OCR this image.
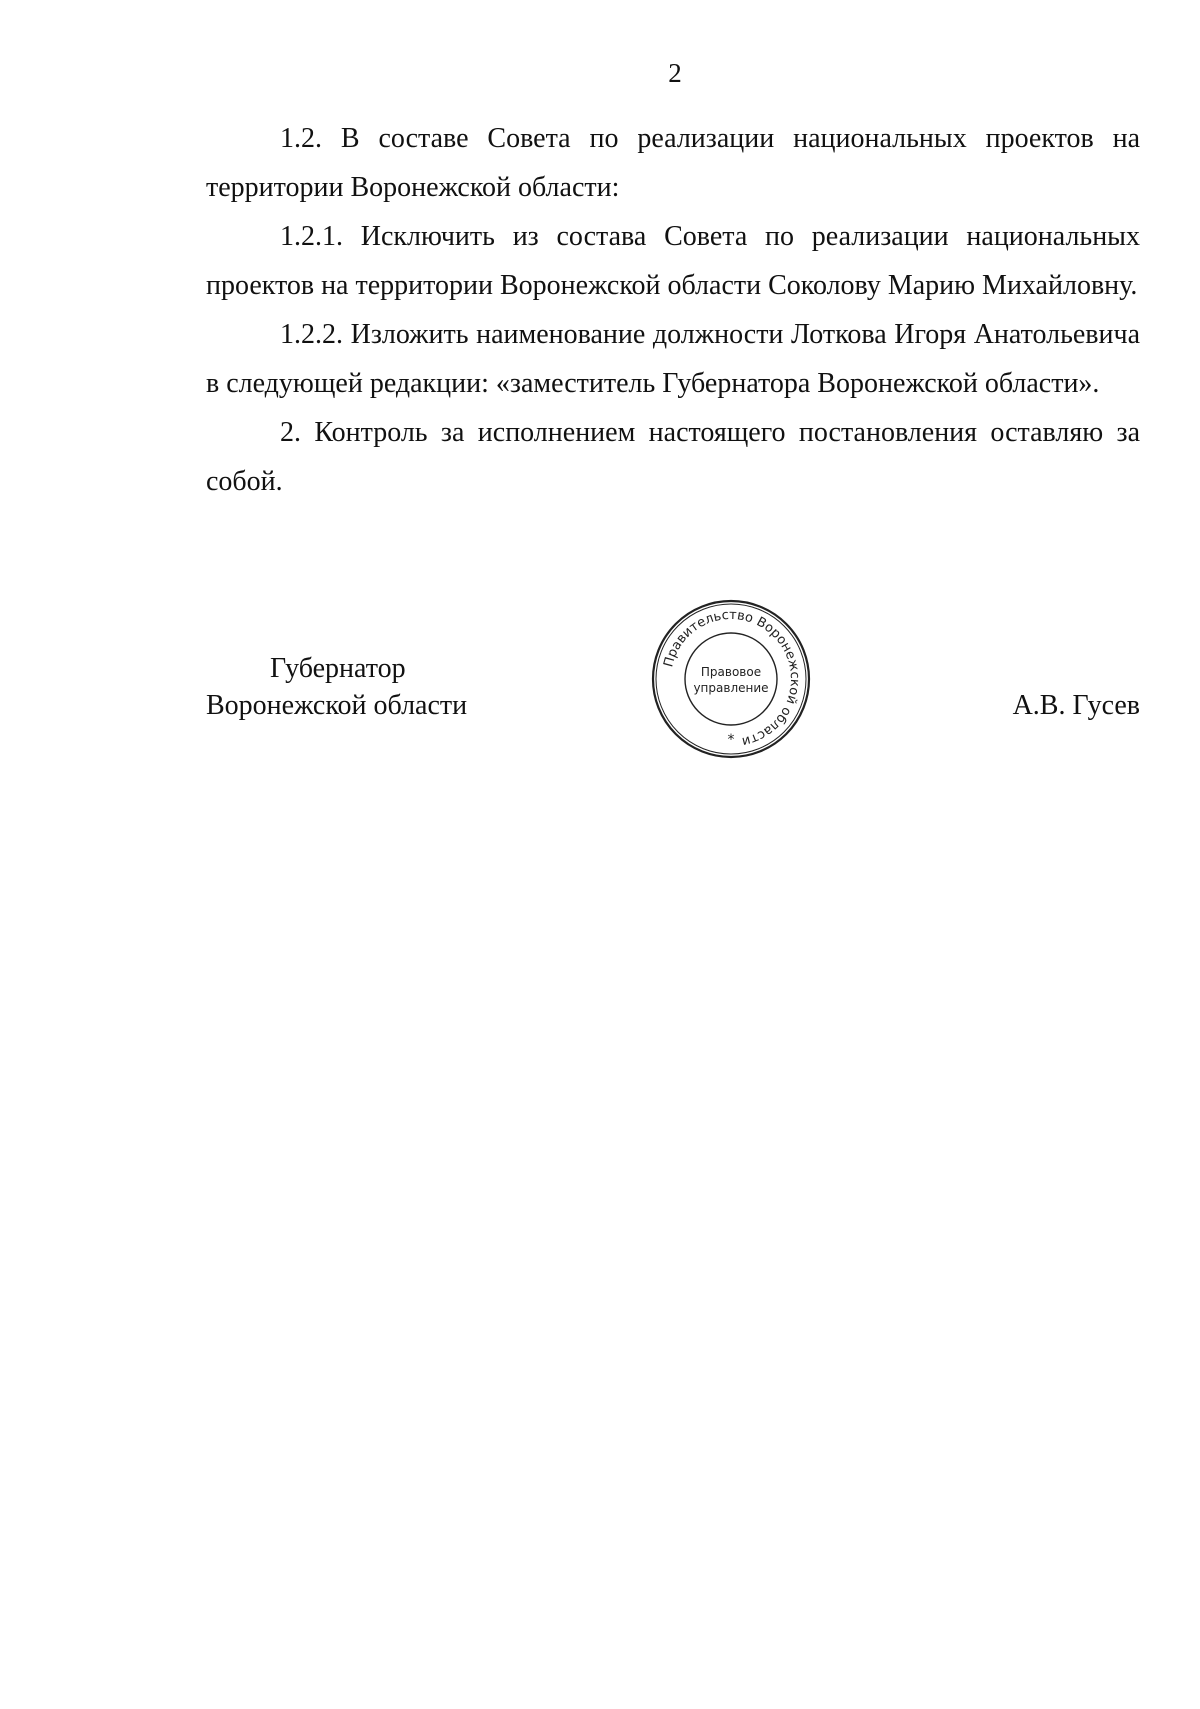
2

1.2. В составе Совета по реализации национальных проектов на территории Воронежской области:

1.2.1. Исключить из состава Совета по реализации национальных проектов на территории Воронежской области Соколову Марию Михайловну.

1.2.2. Изложить наименование должности Лоткова Игоря Анатольевича в следующей редакции: «заместитель Губернатора Воронежской области».

2. Контроль за исполнением настоящего постановления оставляю за собой.

Губернатор
Воронежской области	А.В. Гусев
Правительство Воронежской области
Правовое
управление
*
